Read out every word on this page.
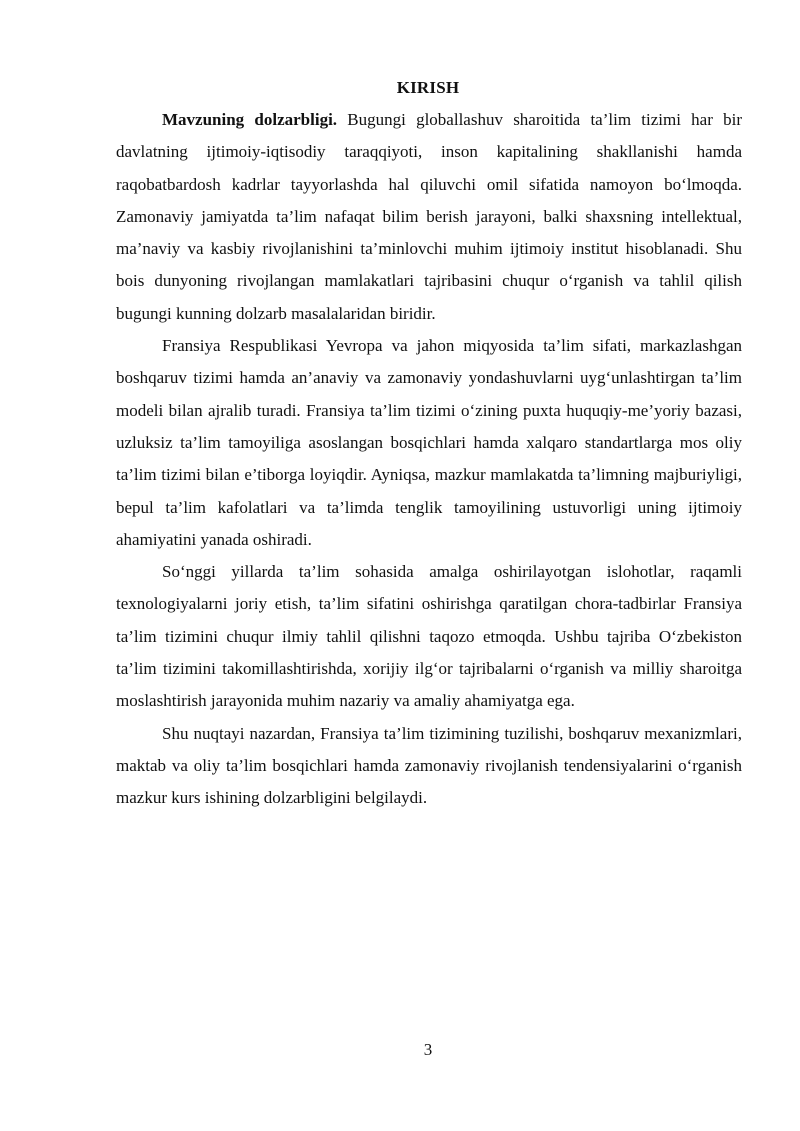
KIRISH

Mavzuning dolzarbligi. Bugungi globallashuv sharoitida ta’lim tizimi har bir davlatning ijtimoiy-iqtisodiy taraqqiyoti, inson kapitalining shakllanishi hamda raqobatbardosh kadrlar tayyorlashda hal qiluvchi omil sifatida namoyon bo‘lmoqda. Zamonaviy jamiyatda ta’lim nafaqat bilim berish jarayoni, balki shaxsning intellektual, ma’naviy va kasbiy rivojlanishini ta’minlovchi muhim ijtimoiy institut hisoblanadi. Shu bois dunyoning rivojlangan mamlakatlari tajribasini chuqur o‘rganish va tahlil qilish bugungi kunning dolzarb masalalaridan biridir.

Fransiya Respublikasi Yevropa va jahon miqyosida ta’lim sifati, markazlashgan boshqaruv tizimi hamda an’anaviy va zamonaviy yondashuvlarni uyg‘unlashtirgan ta’lim modeli bilan ajralib turadi. Fransiya ta’lim tizimi o‘zining puxta huquqiy-me’yoriy bazasi, uzluksiz ta’lim tamoyiliga asoslangan bosqichlari hamda xalqaro standartlarga mos oliy ta’lim tizimi bilan e’tiborga loyiqdir. Ayniqsa, mazkur mamlakatda ta’limning majburiyligi, bepul ta’lim kafolatlari va ta’limda tenglik tamoyilining ustuvorligi uning ijtimoiy ahamiyatini yanada oshiradi.

So‘nggi yillarda ta’lim sohasida amalga oshirilayotgan islohotlar, raqamli texnologiyalarni joriy etish, ta’lim sifatini oshirishga qaratilgan chora-tadbirlar Fransiya ta’lim tizimini chuqur ilmiy tahlil qilishni taqozo etmoqda. Ushbu tajriba O‘zbekiston ta’lim tizimini takomillashtirishda, xorijiy ilg‘or tajribalarni o‘rganish va milliy sharoitga moslashtirish jarayonida muhim nazariy va amaliy ahamiyatga ega.

Shu nuqtayi nazardan, Fransiya ta’lim tizimining tuzilishi, boshqaruv mexanizmlari, maktab va oliy ta’lim bosqichlari hamda zamonaviy rivojlanish tendensiyalarini o‘rganish mazkur kurs ishining dolzarbligini belgilaydi.

3
